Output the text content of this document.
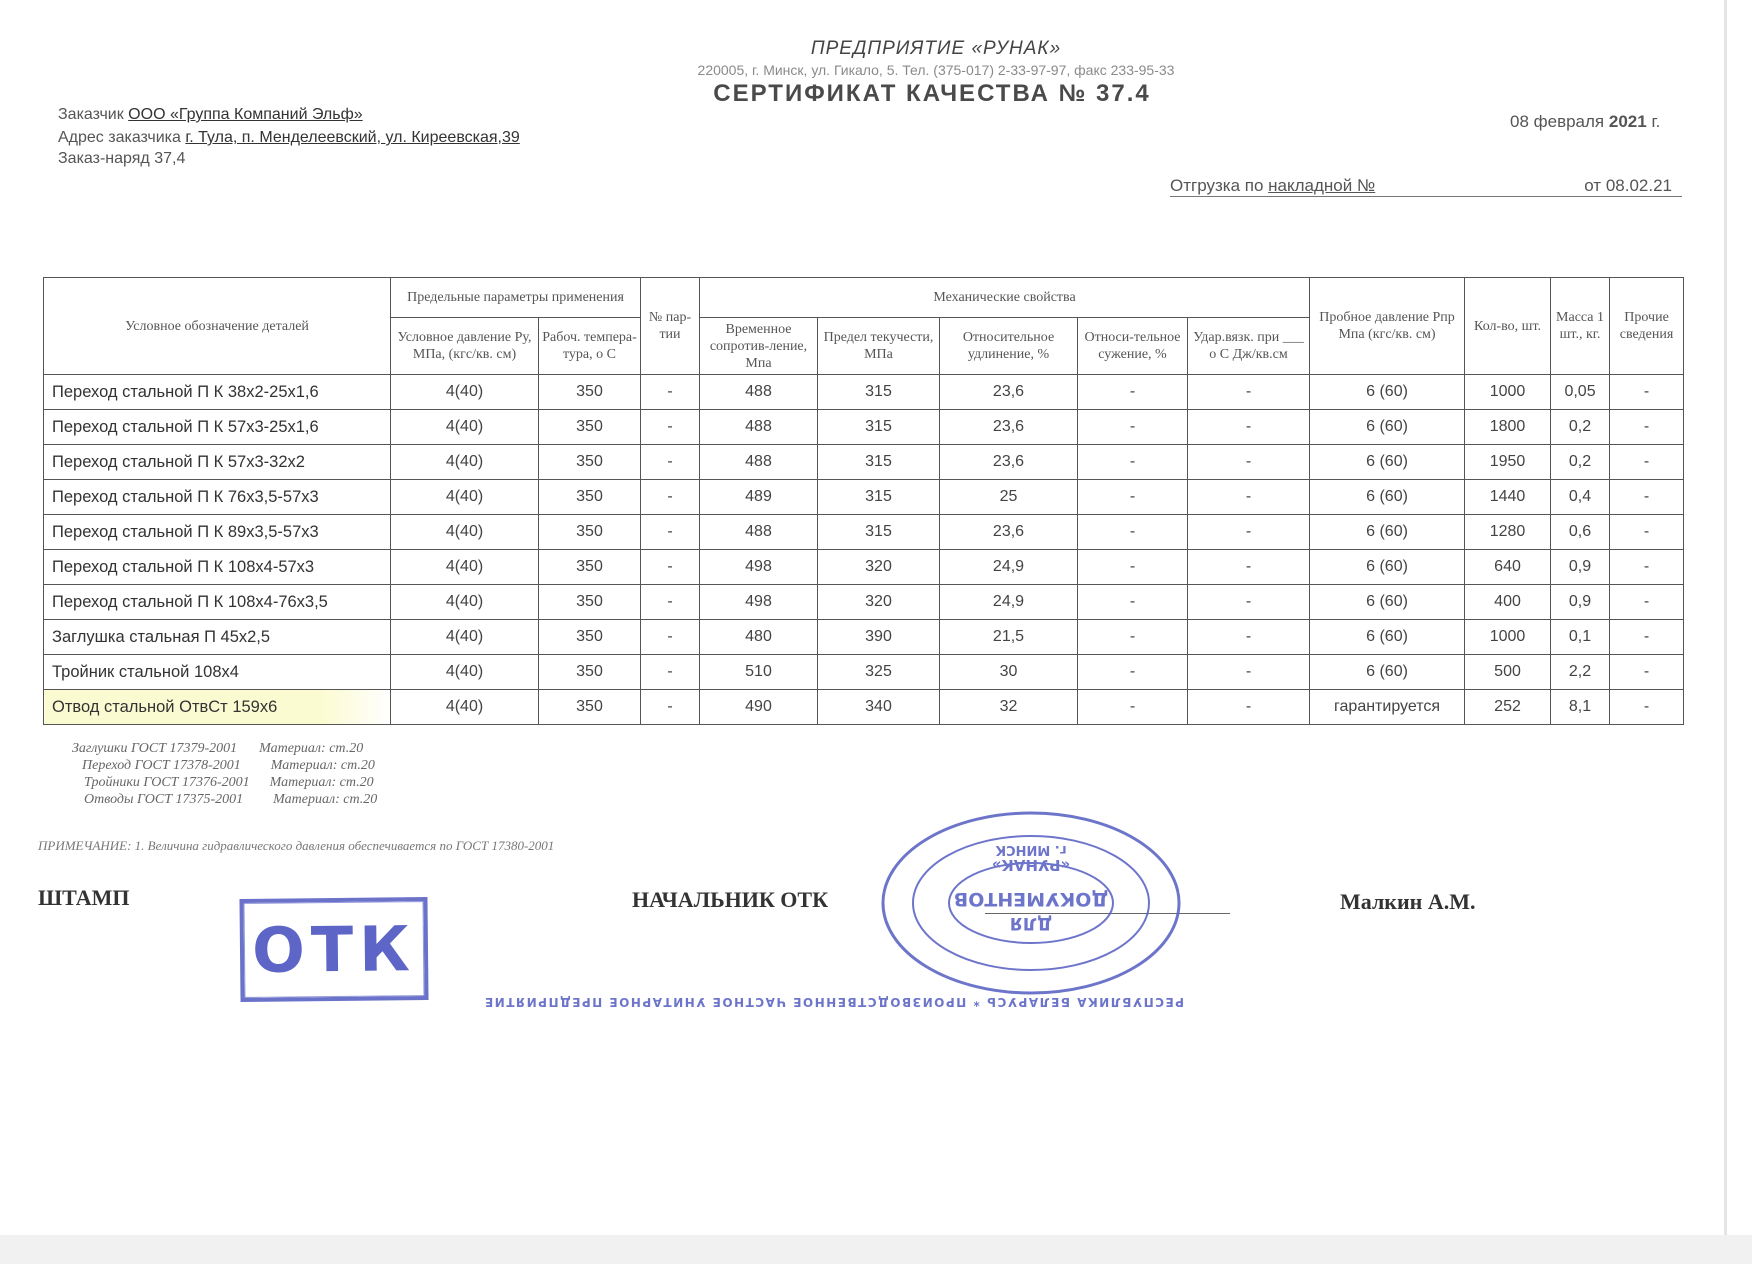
ПРЕДПРИЯТИЕ «РУНАК»
220005, г. Минск, ул. Гикало, 5. Тел. (375-017) 2-33-97-97, факс 233-95-33
СЕРТИФИКАТ КАЧЕСТВА № 37.4
Заказчик ООО «Группа Компаний Эльф»
Адрес заказчика г. Тула, п. Менделеевский, ул. Киреевская,39
Заказ-наряд 37,4
08 февраля 2021 г.
Отгрузка по накладной №	от 08.02.21
Условное обозначение деталей	Предельные параметры применения		№ пар-тии	Механические свойства					Пробное давление Рпр Мпа (кгс/кв. см)	Кол-во, шт.	Масса 1 шт., кг.	Прочие сведения
	Условное давление Ру, МПа, (кгс/кв. см)	Рабоч. темпера-тура, о С		Временное сопротив-ление, Мпа	Предел текучести, МПа	Относительное удлинение, %	Относи-тельное сужение, %	Удар.вязк. при ___ о С Дж/кв.см				
Переход стальной П К 38х2-25х1,6	4(40)	350	-	488	315	23,6	-	-	6 (60)	1000	0,05	-
Переход стальной П К 57х3-25х1,6	4(40)	350	-	488	315	23,6	-	-	6 (60)	1800	0,2	-
Переход стальной П К 57х3-32х2	4(40)	350	-	488	315	23,6	-	-	6 (60)	1950	0,2	-
Переход стальной П К 76х3,5-57х3	4(40)	350	-	489	315	25	-	-	6 (60)	1440	0,4	-
Переход стальной П К 89х3,5-57х3	4(40)	350	-	488	315	23,6	-	-	6 (60)	1280	0,6	-
Переход стальной П К 108х4-57х3	4(40)	350	-	498	320	24,9	-	-	6 (60)	640	0,9	-
Переход стальной П К 108х4-76х3,5	4(40)	350	-	498	320	24,9	-	-	6 (60)	400	0,9	-
Заглушка стальная П 45х2,5	4(40)	350	-	480	390	21,5	-	-	6 (60)	1000	0,1	-
Тройник стальной 108х4	4(40)	350	-	510	325	30	-	-	6 (60)	500	2,2	-
Отвод стальной ОтвСт 159х6	4(40)	350	-	490	340	32	-	-	гарантируется	252	8,1	-
Заглушки ГОСТ 17379-2001 Материал: ст.20
Переход ГОСТ 17378-2001 Материал: ст.20
Тройники ГОСТ 17376-2001 Материал: ст.20
Отводы ГОСТ 17375-2001 Материал: ст.20
ПРИМЕЧАНИЕ: 1. Величина гидравлического давления обеспечивается по ГОСТ 17380-2001
ШТАМП
ОТК
НАЧАЛЬНИК ОТК	Малкин А.М.
РЕСПУБЛИКА БЕЛАРУСЬ * ПРОИЗВОДСТВЕННОЕ ЧАСТНОЕ УНИТАРНОЕ ПРЕДПРИЯТИЕ
г. МИНСК
«РУНАК»
ДЛЯ
ДОКУМЕНТОВ
